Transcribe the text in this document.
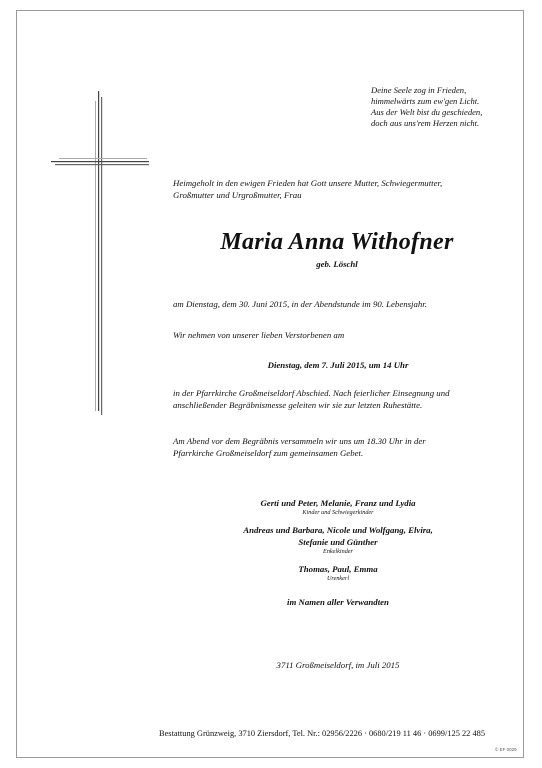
Deine Seele zog in Frieden,
himmelwärts zum ew'gen Licht.
Aus der Welt bist du geschieden,
doch aus uns'rem Herzen nicht.
Heimgeholt in den ewigen Frieden hat Gott unsere Mutter, Schwiegermutter,
Großmutter und Urgroßmutter, Frau
Maria Anna Withofner
geb. Löschl
am Dienstag, dem 30. Juni 2015, in der Abendstunde im 90. Lebensjahr.
Wir nehmen von unserer lieben Verstorbenen am
Dienstag, dem 7. Juli 2015, um 14 Uhr
in der Pfarrkirche Großmeiseldorf Abschied. Nach feierlicher Einsegnung und
anschließender Begräbnismesse geleiten wir sie zur letzten Ruhestätte.
Am Abend vor dem Begräbnis versammeln wir uns um 18.30 Uhr in der
Pfarrkirche Großmeiseldorf zum gemeinsamen Gebet.
Gerti und Peter, Melanie, Franz und Lydia
Kinder und Schwiegerkinder
Andreas und Barbara, Nicole und Wolfgang, Elvira,
Stefanie und Günther
Enkelkinder
Thomas, Paul, Emma
Urenkerl
im Namen aller Verwandten
3711 Großmeiseldorf, im Juli 2015
Bestattung Grünzweig, 3710 Ziersdorf, Tel. Nr.: 02956/2226 · 0680/219 11 46 · 0699/125 22 485
© EF 0029
